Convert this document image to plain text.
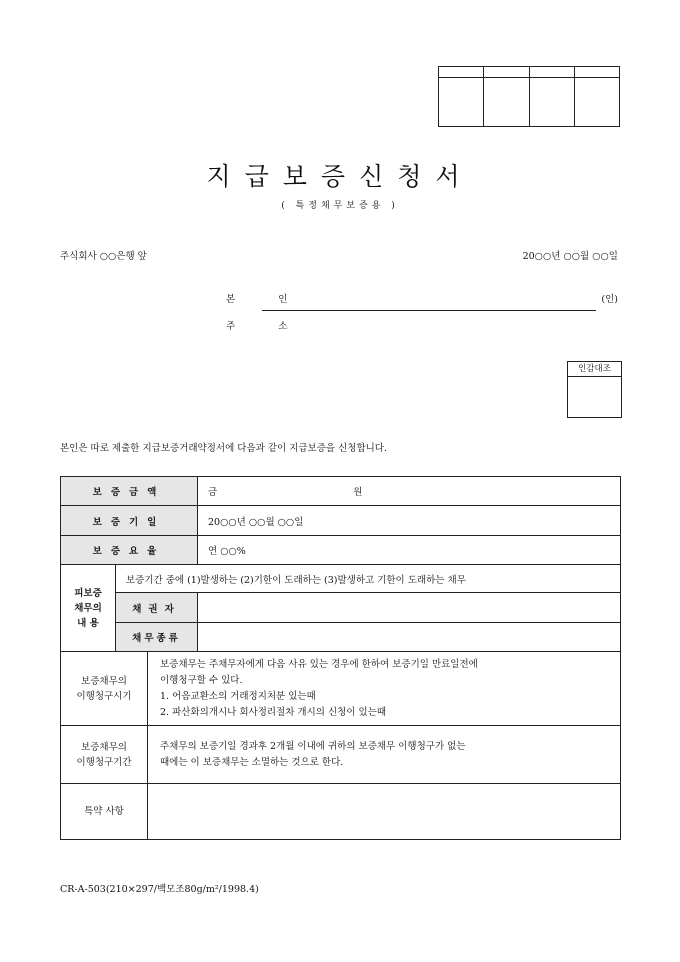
지급보증신청서
( 특정채무보증용 )
주식회사 ○○은행 앞	20○○년 ○○월 ○○일
본 인	(인)
주 소
인감대조
본인은 따로 제출한 지급보증거래약정서에 다음과 같이 지급보증을 신청합니다.
보증금액			금 원
보증기일			20○○년 ○○월 ○○일
보증요율			연 ○○%
피보증
채무의
내 용	보증기간 중에 (1)발생하는 (2)기한이 도래하는 (3)발생하고 기한이 도래하는 채무		
	채권자		
	채무종류		
보증채무의
이행청구시기		보증채무는 주채무자에게 다음 사유 있는 경우에 한하여 보증기일 만료일전에
이행청구할 수 있다.
1. 어음교환소의 거래정지처분 있는때
2. 파산화의개시나 회사정리절차 개시의 신청이 있는때	
보증채무의
이행청구기간		주채무의 보증기일 경과후 2개월 이내에 귀하의 보증채무 이행청구가 없는
때에는 이 보증채무는 소멸하는 것으로 한다.	
특약 사항			
CR-A-503(210×297/백모조80g/m²/1998.4)
